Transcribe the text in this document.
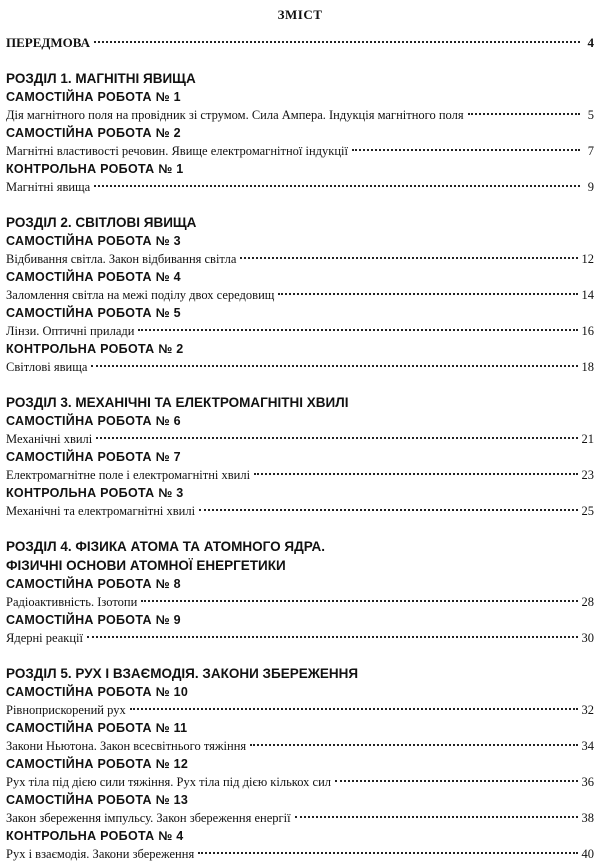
ЗМІСТ
ПЕРЕДМОВА	4
РОЗДІЛ 1. МАГНІТНІ ЯВИЩА
САМОСТІЙНА РОБОТА № 1
Дія магнітного поля на провідник зі струмом. Сила Ампера. Індукція магнітного поля	5
САМОСТІЙНА РОБОТА № 2
Магнітні властивості речовин. Явище електромагнітної індукції	7
КОНТРОЛЬНА РОБОТА № 1
Магнітні явища	9
РОЗДІЛ 2. СВІТЛОВІ ЯВИЩА
САМОСТІЙНА РОБОТА № 3
Відбивання світла. Закон відбивання світла	12
САМОСТІЙНА РОБОТА № 4
Заломлення світла на межі поділу двох середовищ	14
САМОСТІЙНА РОБОТА № 5
Лінзи. Оптичні прилади	16
КОНТРОЛЬНА РОБОТА № 2
Світлові явища	18
РОЗДІЛ 3. МЕХАНІЧНІ ТА ЕЛЕКТРОМАГНІТНІ ХВИЛІ
САМОСТІЙНА РОБОТА № 6
Механічні хвилі	21
САМОСТІЙНА РОБОТА № 7
Електромагнітне поле і електромагнітні хвилі	23
КОНТРОЛЬНА РОБОТА № 3
Механічні та електромагнітні хвилі	25
РОЗДІЛ 4. ФІЗИКА АТОМА ТА АТОМНОГО ЯДРА.
ФІЗИЧНІ ОСНОВИ АТОМНОЇ ЕНЕРГЕТИКИ
САМОСТІЙНА РОБОТА № 8
Радіоактивність. Ізотопи	28
САМОСТІЙНА РОБОТА № 9
Ядерні реакції	30
РОЗДІЛ 5. РУХ І ВЗАЄМОДІЯ. ЗАКОНИ ЗБЕРЕЖЕННЯ
САМОСТІЙНА РОБОТА № 10
Рівноприскорений рух	32
САМОСТІЙНА РОБОТА № 11
Закони Ньютона. Закон всесвітнього тяжіння	34
САМОСТІЙНА РОБОТА № 12
Рух тіла під дією сили тяжіння. Рух тіла під дією кількох сил	36
САМОСТІЙНА РОБОТА № 13
Закон збереження імпульсу. Закон збереження енергії	38
КОНТРОЛЬНА РОБОТА № 4
Рух і взаємодія. Закони збереження	40
